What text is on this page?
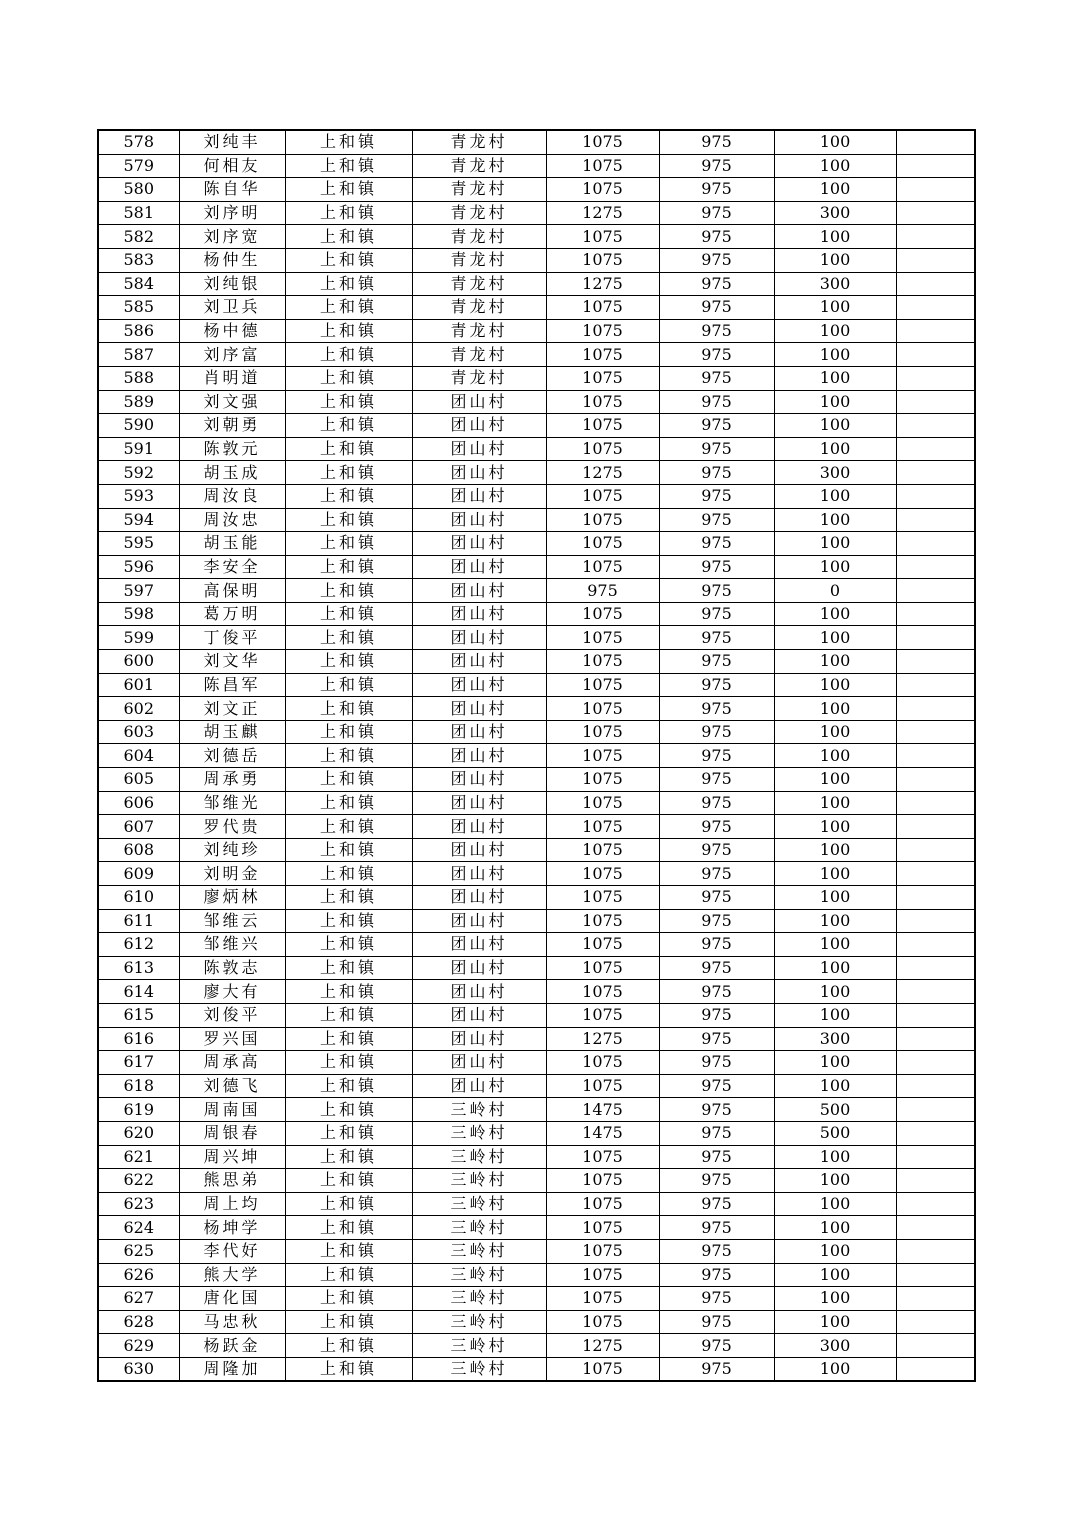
578	刘纯丰	上和镇	青龙村	1075	975	100	
579	何相友	上和镇	青龙村	1075	975	100	
580	陈自华	上和镇	青龙村	1075	975	100	
581	刘序明	上和镇	青龙村	1275	975	300	
582	刘序宽	上和镇	青龙村	1075	975	100	
583	杨仲生	上和镇	青龙村	1075	975	100	
584	刘纯银	上和镇	青龙村	1275	975	300	
585	刘卫兵	上和镇	青龙村	1075	975	100	
586	杨中德	上和镇	青龙村	1075	975	100	
587	刘序富	上和镇	青龙村	1075	975	100	
588	肖明道	上和镇	青龙村	1075	975	100	
589	刘文强	上和镇	团山村	1075	975	100	
590	刘朝勇	上和镇	团山村	1075	975	100	
591	陈敦元	上和镇	团山村	1075	975	100	
592	胡玉成	上和镇	团山村	1275	975	300	
593	周汝良	上和镇	团山村	1075	975	100	
594	周汝忠	上和镇	团山村	1075	975	100	
595	胡玉能	上和镇	团山村	1075	975	100	
596	李安全	上和镇	团山村	1075	975	100	
597	高保明	上和镇	团山村	975	975	0	
598	葛万明	上和镇	团山村	1075	975	100	
599	丁俊平	上和镇	团山村	1075	975	100	
600	刘文华	上和镇	团山村	1075	975	100	
601	陈昌军	上和镇	团山村	1075	975	100	
602	刘文正	上和镇	团山村	1075	975	100	
603	胡玉麒	上和镇	团山村	1075	975	100	
604	刘德岳	上和镇	团山村	1075	975	100	
605	周承勇	上和镇	团山村	1075	975	100	
606	邹维光	上和镇	团山村	1075	975	100	
607	罗代贵	上和镇	团山村	1075	975	100	
608	刘纯珍	上和镇	团山村	1075	975	100	
609	刘明金	上和镇	团山村	1075	975	100	
610	廖炳林	上和镇	团山村	1075	975	100	
611	邹维云	上和镇	团山村	1075	975	100	
612	邹维兴	上和镇	团山村	1075	975	100	
613	陈敦志	上和镇	团山村	1075	975	100	
614	廖大有	上和镇	团山村	1075	975	100	
615	刘俊平	上和镇	团山村	1075	975	100	
616	罗兴国	上和镇	团山村	1275	975	300	
617	周承高	上和镇	团山村	1075	975	100	
618	刘德飞	上和镇	团山村	1075	975	100	
619	周南国	上和镇	三岭村	1475	975	500	
620	周银春	上和镇	三岭村	1475	975	500	
621	周兴坤	上和镇	三岭村	1075	975	100	
622	熊思弟	上和镇	三岭村	1075	975	100	
623	周上均	上和镇	三岭村	1075	975	100	
624	杨坤学	上和镇	三岭村	1075	975	100	
625	李代好	上和镇	三岭村	1075	975	100	
626	熊大学	上和镇	三岭村	1075	975	100	
627	唐化国	上和镇	三岭村	1075	975	100	
628	马忠秋	上和镇	三岭村	1075	975	100	
629	杨跃金	上和镇	三岭村	1275	975	300	
630	周隆加	上和镇	三岭村	1075	975	100	
